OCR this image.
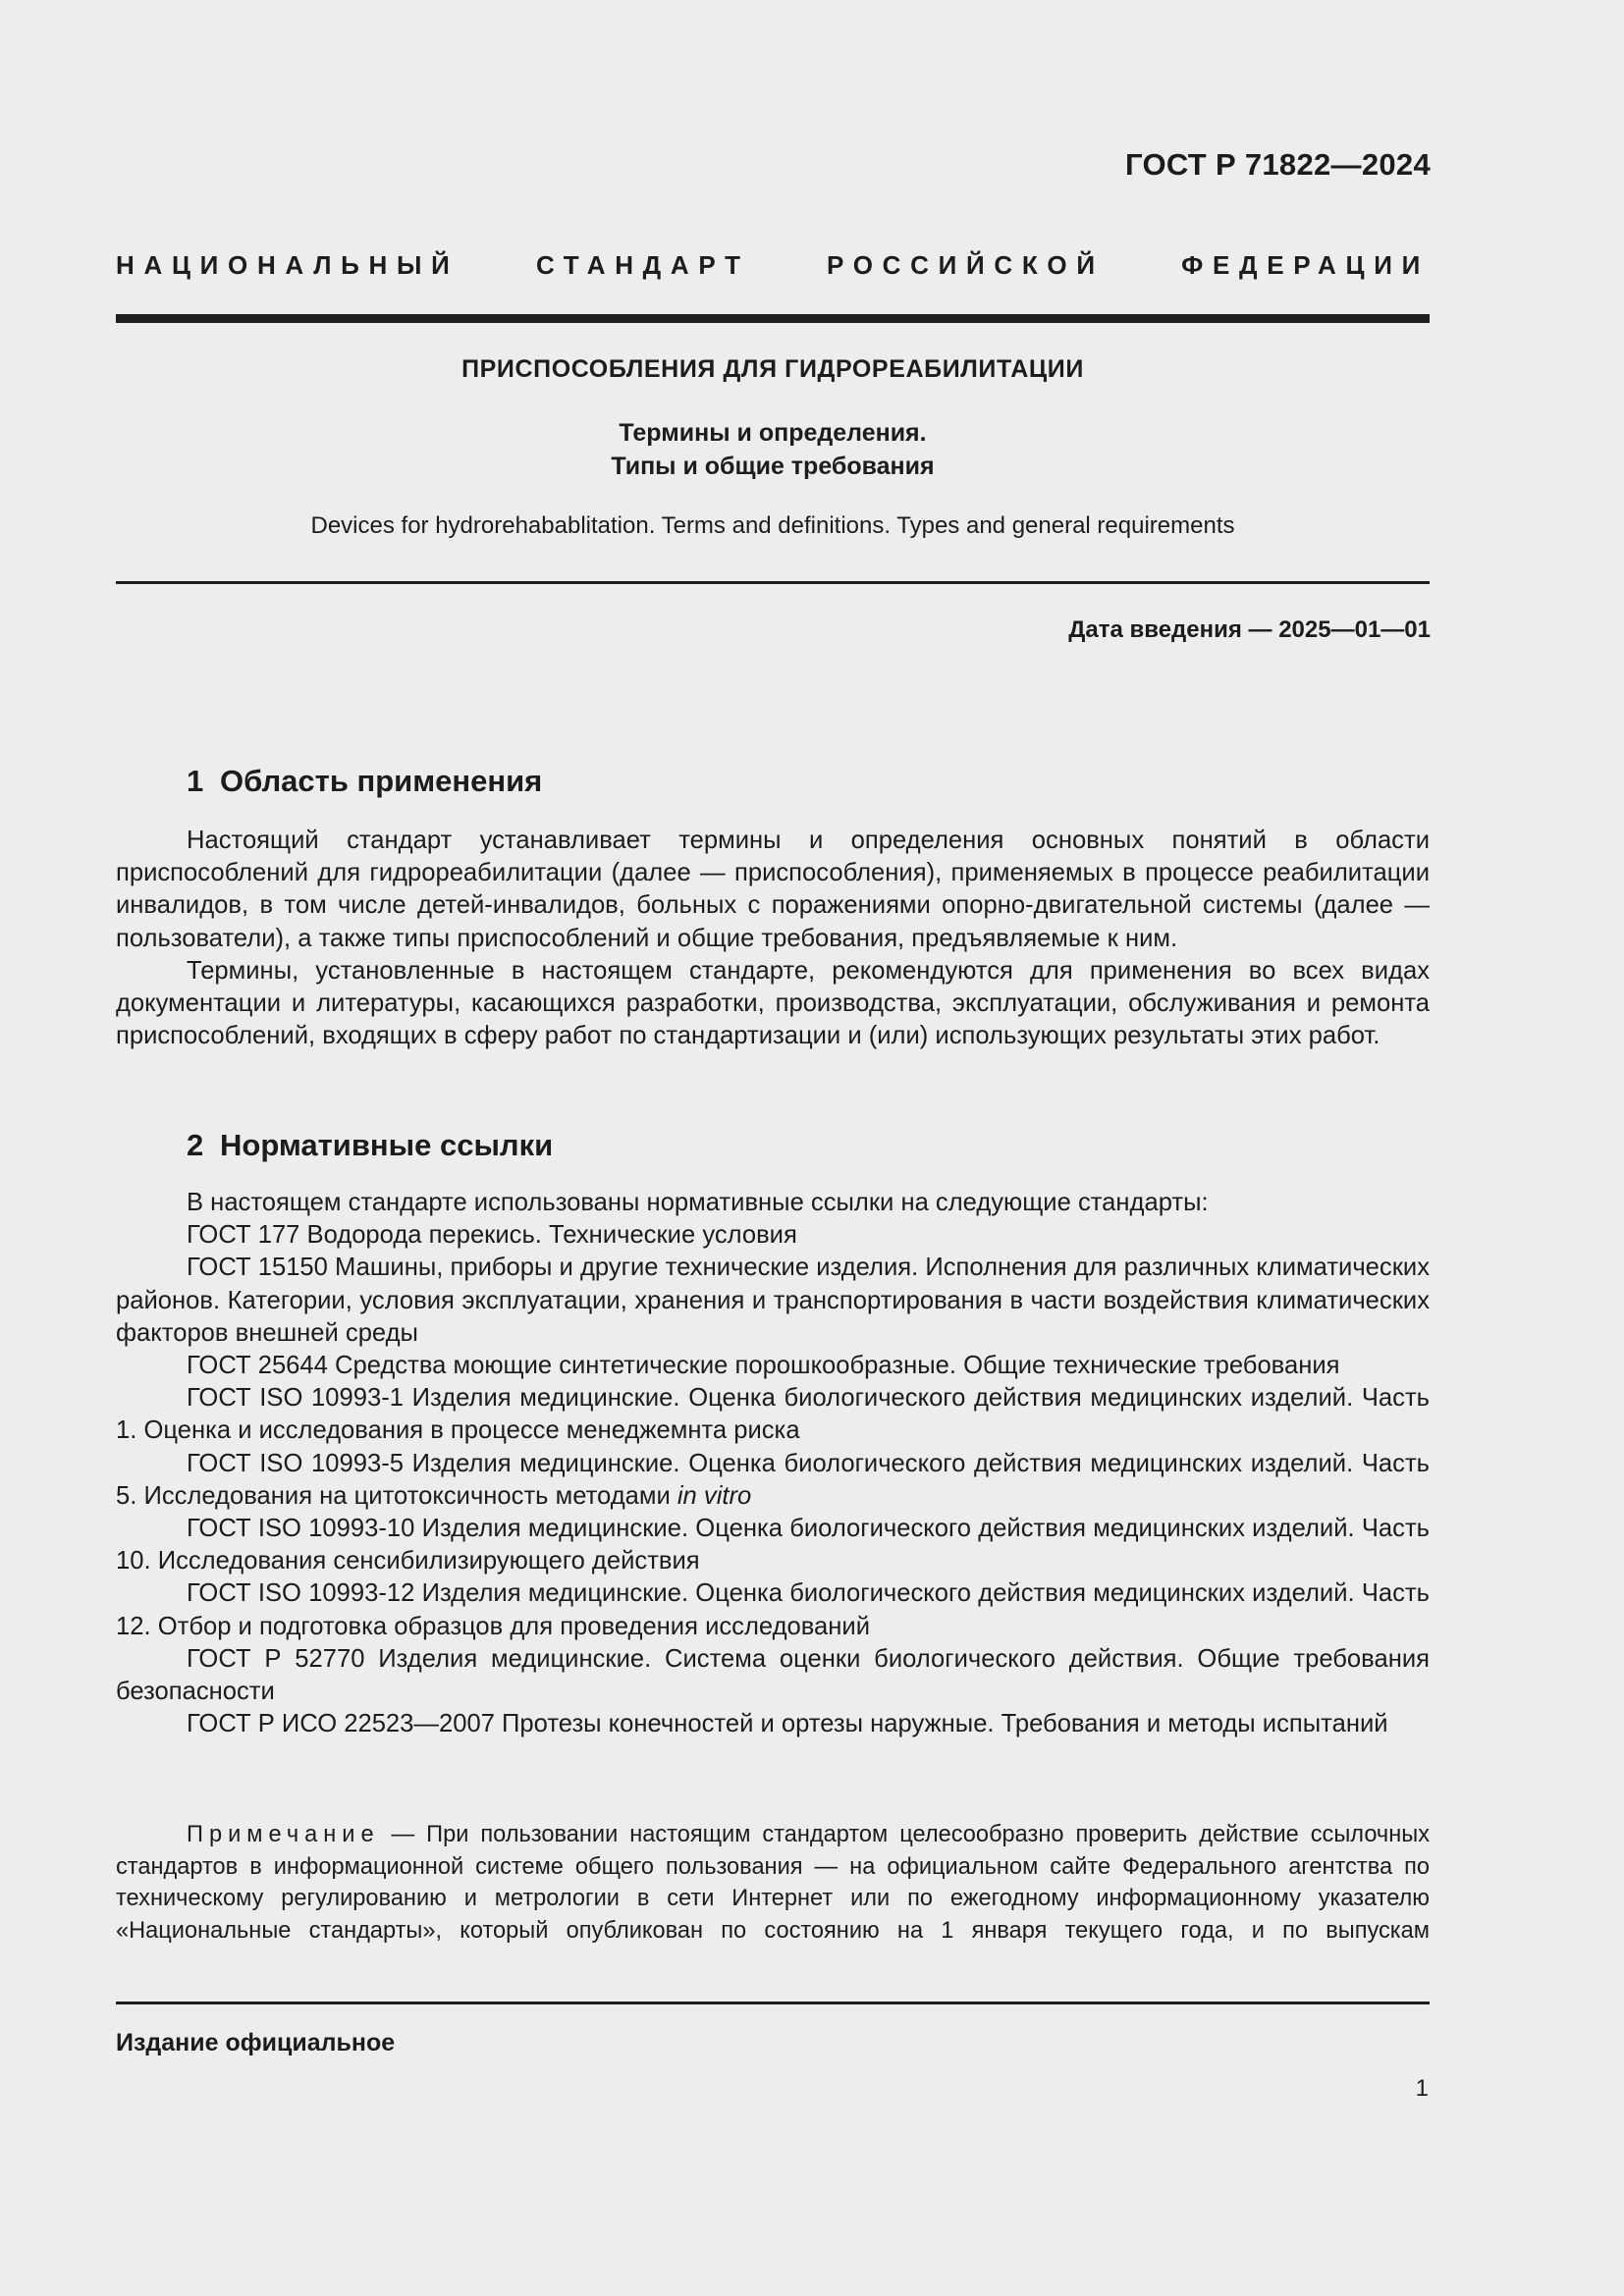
ГОСТ Р 71822—2024
НАЦИОНАЛЬНЫЙ СТАНДАРТ РОССИЙСКОЙ ФЕДЕРАЦИИ
ПРИСПОСОБЛЕНИЯ ДЛЯ ГИДРОРЕАБИЛИТАЦИИ
Термины и определения.
Типы и общие требования
Devices for hydrorehabablitation. Terms and definitions. Types and general requirements
Дата введения — 2025—01—01
1 Область применения

Настоящий стандарт устанавливает термины и определения основных понятий в области приспособлений для гидрореабилитации (далее — приспособления), применяемых в процессе реабилитации инвалидов, в том числе детей-инвалидов, больных с поражениями опорно-двигательной системы (далее — пользователи), а также типы приспособлений и общие требования, предъявляемые к ним.

Термины, установленные в настоящем стандарте, рекомендуются для применения во всех видах документации и литературы, касающихся разработки, производства, эксплуатации, обслуживания и ремонта приспособлений, входящих в сферу работ по стандартизации и (или) использующих результаты этих работ.

2 Нормативные ссылки

В настоящем стандарте использованы нормативные ссылки на следующие стандарты:

ГОСТ 177 Водорода перекись. Технические условия

ГОСТ 15150 Машины, приборы и другие технические изделия. Исполнения для различных климатических районов. Категории, условия эксплуатации, хранения и транспортирования в части воздействия климатических факторов внешней среды

ГОСТ 25644 Средства моющие синтетические порошкообразные. Общие технические требования

ГОСТ ISO 10993-1 Изделия медицинские. Оценка биологического действия медицинских изделий. Часть 1. Оценка и исследования в процессе менеджемнта риска

ГОСТ ISO 10993-5 Изделия медицинские. Оценка биологического действия медицинских изделий. Часть 5. Исследования на цитотоксичность методами in vitro

ГОСТ ISO 10993-10 Изделия медицинские. Оценка биологического действия медицинских изделий. Часть 10. Исследования сенсибилизирующего действия

ГОСТ ISO 10993-12 Изделия медицинские. Оценка биологического действия медицинских изделий. Часть 12. Отбор и подготовка образцов для проведения исследований

ГОСТ Р 52770 Изделия медицинские. Система оценки биологического действия. Общие требования безопасности

ГОСТ Р ИСО 22523—2007 Протезы конечностей и ортезы наружные. Требования и методы испытаний

Примечание — При пользовании настоящим стандартом целесообразно проверить действие ссылочных стандартов в информационной системе общего пользования — на официальном сайте Федерального агентства по техническому регулированию и метрологии в сети Интернет или по ежегодному информационному указателю «Национальные стандарты», который опубликован по состоянию на 1 января текущего года, и по выпускам

Издание официальное
1
